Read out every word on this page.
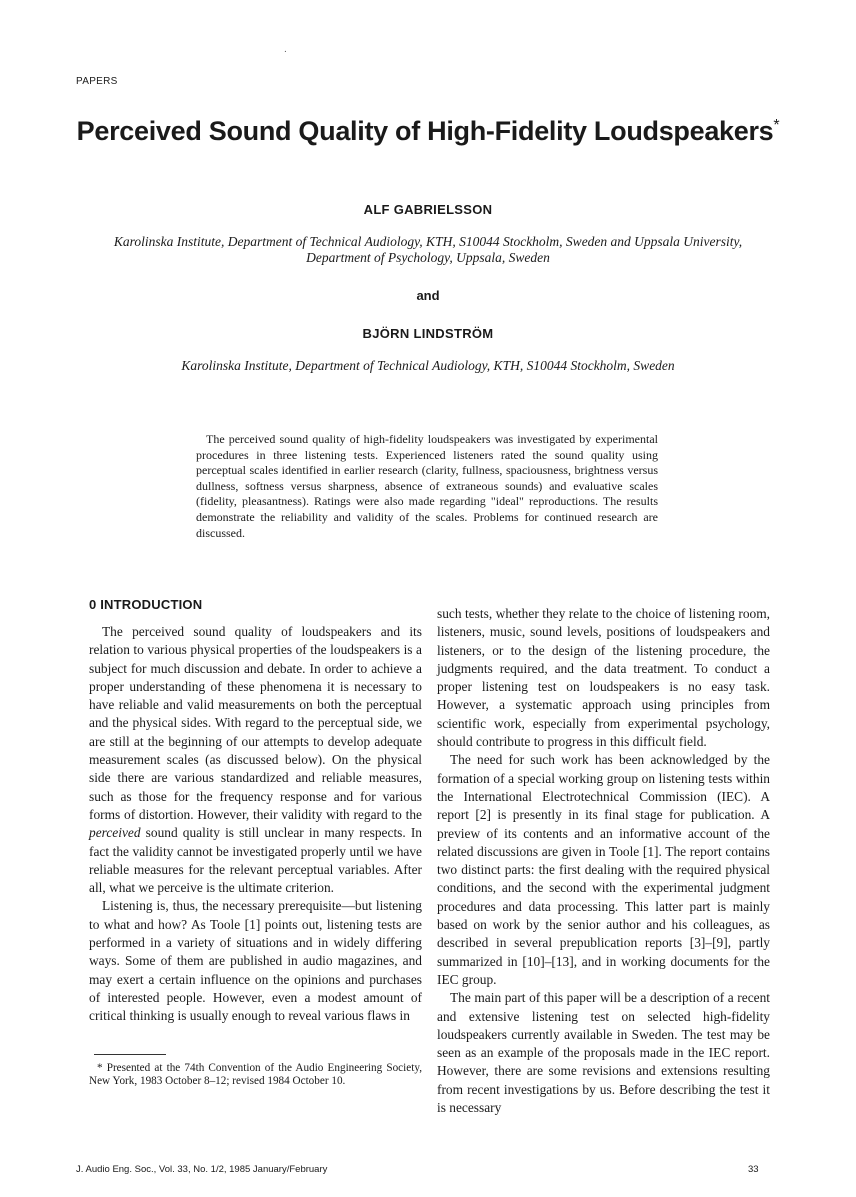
PAPERS
.
Perceived Sound Quality of High-Fidelity Loudspeakers*
ALF GABRIELSSON
Karolinska Institute, Department of Technical Audiology, KTH, S10044 Stockholm, Sweden and Uppsala University, Department of Psychology, Uppsala, Sweden
and
BJÖRN LINDSTRÖM
Karolinska Institute, Department of Technical Audiology, KTH, S10044 Stockholm, Sweden
The perceived sound quality of high-fidelity loudspeakers was investigated by experimental procedures in three listening tests. Experienced listeners rated the sound quality using perceptual scales identified in earlier research (clarity, fullness, spaciousness, brightness versus dullness, softness versus sharpness, absence of extraneous sounds) and evaluative scales (fidelity, pleasantness). Ratings were also made regarding "ideal" reproductions. The results demonstrate the reliability and validity of the scales. Problems for continued research are discussed.
0 INTRODUCTION

The perceived sound quality of loudspeakers and its relation to various physical properties of the loudspeakers is a subject for much discussion and debate. In order to achieve a proper understanding of these phenomena it is necessary to have reliable and valid measurements on both the perceptual and the physical sides. With regard to the perceptual side, we are still at the beginning of our attempts to develop adequate measurement scales (as discussed below). On the physical side there are various standardized and reliable measures, such as those for the frequency response and for various forms of distortion. However, their validity with regard to the perceived sound quality is still unclear in many respects. In fact the validity cannot be investigated properly until we have reliable measures for the relevant perceptual variables. After all, what we perceive is the ultimate criterion.

Listening is, thus, the necessary prerequisite—but listening to what and how? As Toole [1] points out, listening tests are performed in a variety of situations and in widely differing ways. Some of them are published in audio magazines, and may exert a certain influence on the opinions and purchases of interested people. However, even a modest amount of critical thinking is usually enough to reveal various flaws in

such tests, whether they relate to the choice of listening room, listeners, music, sound levels, positions of loudspeakers and listeners, or to the design of the listening procedure, the judgments required, and the data treatment. To conduct a proper listening test on loudspeakers is no easy task. However, a systematic approach using principles from scientific work, especially from experimental psychology, should contribute to progress in this difficult field.

The need for such work has been acknowledged by the formation of a special working group on listening tests within the International Electrotechnical Commission (IEC). A report [2] is presently in its final stage for publication. A preview of its contents and an informative account of the related discussions are given in Toole [1]. The report contains two distinct parts: the first dealing with the required physical conditions, and the second with the experimental judgment procedures and data processing. This latter part is mainly based on work by the senior author and his colleagues, as described in several prepublication reports [3]–[9], partly summarized in [10]–[13], and in working documents for the IEC group.

The main part of this paper will be a description of a recent and extensive listening test on selected high-fidelity loudspeakers currently available in Sweden. The test may be seen as an example of the proposals made in the IEC report. However, there are some revisions and extensions resulting from recent investigations by us. Before describing the test it is necessary

* Presented at the 74th Convention of the Audio Engineering Society, New York, 1983 October 8–12; revised 1984 October 10.
J. Audio Eng. Soc., Vol. 33, No. 1/2, 1985 January/February	33
